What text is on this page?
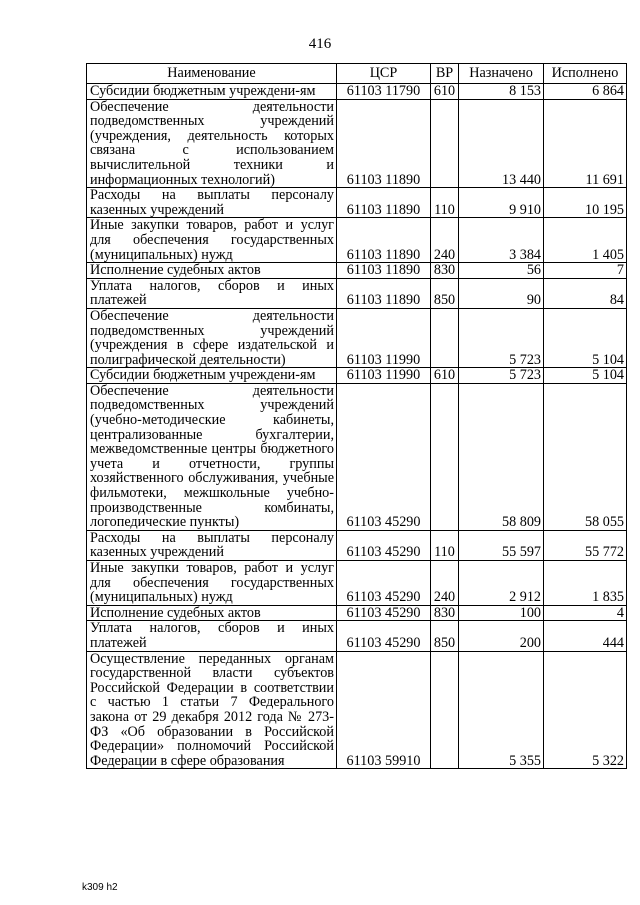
416
Наименование	ЦСР	ВР	Назначено	Исполнено
Субсидии бюджетным учреждени-ям	61103 11790	610	8 153	6 864
Обеспечение деятельности подведомственных учреждений (учреждения, деятельность которых связана с использованием вычислительной техники и информационных технологий)	61103 11890		13 440	11 691
Расходы на выплаты персоналу казенных учреждений	61103 11890	110	9 910	10 195
Иные закупки товаров, работ и услуг для обеспечения государственных (муниципальных) нужд	61103 11890	240	3 384	1 405
Исполнение судебных актов	61103 11890	830	56	7
Уплата налогов, сборов и иных платежей	61103 11890	850	90	84
Обеспечение деятельности подведомственных учреждений (учреждения в сфере издательской и полиграфической деятельности)	61103 11990		5 723	5 104
Субсидии бюджетным учреждени-ям	61103 11990	610	5 723	5 104
Обеспечение деятельности подведомственных учреждений (учебно-методические кабинеты, централизованные бухгалтерии, межведомственные центры бюджетного учета и отчетности, группы хозяйственного обслуживания, учебные фильмотеки, межшкольные учебно-производственные комбинаты, логопедические пункты)	61103 45290		58 809	58 055
Расходы на выплаты персоналу казенных учреждений	61103 45290	110	55 597	55 772
Иные закупки товаров, работ и услуг для обеспечения государственных (муниципальных) нужд	61103 45290	240	2 912	1 835
Исполнение судебных актов	61103 45290	830	100	4
Уплата налогов, сборов и иных платежей	61103 45290	850	200	444
Осуществление переданных органам государственной власти субъектов Российской Федерации в соответствии с частью 1 статьи 7 Федерального закона от 29 декабря 2012 года № 273-ФЗ «Об образовании в Российской Федерации» полномочий Российской Федерации в сфере образования	61103 59910		5 355	5 322
k309 h2
